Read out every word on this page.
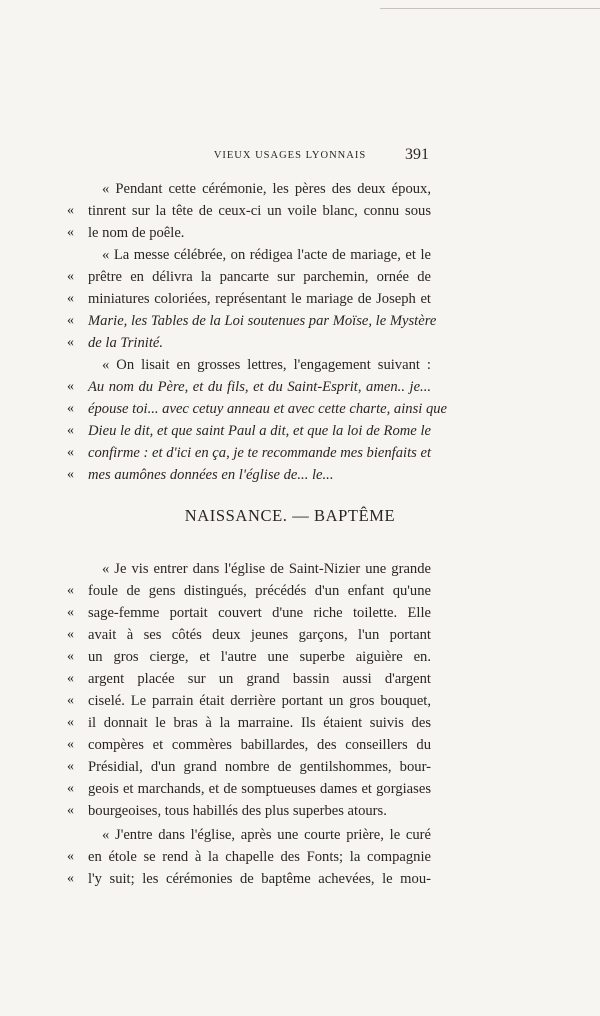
VIEUX USAGES LYONNAIS	391
« Pendant cette cérémonie, les pères des deux époux,
« tinrent sur la tête de ceux-ci un voile blanc, connu sous
« le nom de poêle.
« La messe célébrée, on rédigea l'acte de mariage, et le
« prêtre en délivra la pancarte sur parchemin, ornée de
« miniatures coloriées, représentant le mariage de Joseph et
« Marie, les Tables de la Loi soutenues par Moïse, le Mystère
« de la Trinité.
« On lisait en grosses lettres, l'engagement suivant :
« Au nom du Père, et du fils, et du Saint-Esprit, amen.. je...
« épouse toi... avec cetuy anneau et avec cette charte, ainsi que
« Dieu le dit, et que saint Paul a dit, et que la loi de Rome le
« confirme : et d'ici en ça, je te recommande mes bienfaits et
« mes aumônes données en l'église de... le...
NAISSANCE. — BAPTÊME
« Je vis entrer dans l'église de Saint-Nizier une grande
« foule de gens distingués, précédés d'un enfant qu'une
« sage-femme portait couvert d'une riche toilette. Elle
« avait à ses côtés deux jeunes garçons, l'un portant
« un gros cierge, et l'autre une superbe aiguière en.
« argent placée sur un grand bassin aussi d'argent
« ciselé. Le parrain était derrière portant un gros bouquet,
« il donnait le bras à la marraine. Ils étaient suivis des
« compères et commères babillardes, des conseillers du
« Présidial, d'un grand nombre de gentilshommes, bour-
« geois et marchands, et de somptueuses dames et gorgiases
« bourgeoises, tous habillés des plus superbes atours.
« J'entre dans l'église, après une courte prière, le curé
« en étole se rend à la chapelle des Fonts; la compagnie
« l'y suit; les cérémonies de baptême achevées, le mou-
